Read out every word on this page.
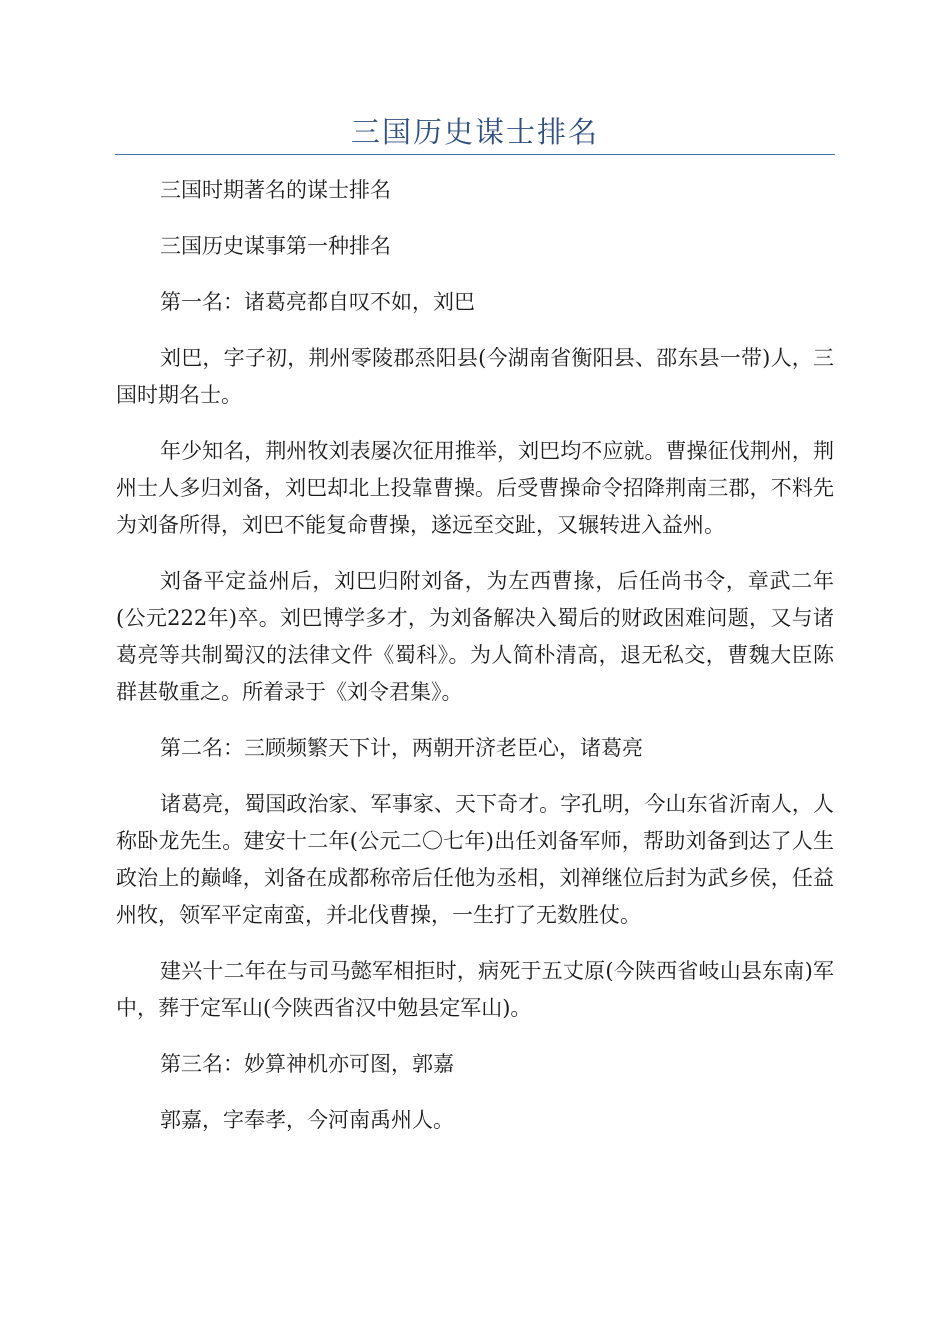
三国历史谋士排名

三国时期著名的谋士排名

三国历史谋事第一种排名

第一名：诸葛亮都自叹不如，刘巴

刘巴，字子初，荆州零陵郡烝阳县(今湖南省衡阳县、邵东县一带)人，三国时期名士。

年少知名，荆州牧刘表屡次征用推举，刘巴均不应就。曹操征伐荆州，荆州士人多归刘备，刘巴却北上投靠曹操。后受曹操命令招降荆南三郡，不料先为刘备所得，刘巴不能复命曹操，遂远至交趾，又辗转进入益州。

刘备平定益州后，刘巴归附刘备，为左西曹掾，后任尚书令，章武二年(公元222年)卒。刘巴博学多才，为刘备解决入蜀后的财政困难问题，又与诸葛亮等共制蜀汉的法律文件《蜀科》。为人简朴清高，退无私交，曹魏大臣陈群甚敬重之。所着录于《刘令君集》。

第二名：三顾频繁天下计，两朝开济老臣心，诸葛亮

诸葛亮，蜀国政治家、军事家、天下奇才。字孔明，今山东省沂南人，人称卧龙先生。建安十二年(公元二〇七年)出任刘备军师，帮助刘备到达了人生政治上的巅峰，刘备在成都称帝后任他为丞相，刘禅继位后封为武乡侯，任益州牧，领军平定南蛮，并北伐曹操，一生打了无数胜仗。

建兴十二年在与司马懿军相拒时，病死于五丈原(今陕西省岐山县东南)军中，葬于定军山(今陕西省汉中勉县定军山)。

第三名：妙算神机亦可图，郭嘉

郭嘉，字奉孝，今河南禹州人。
